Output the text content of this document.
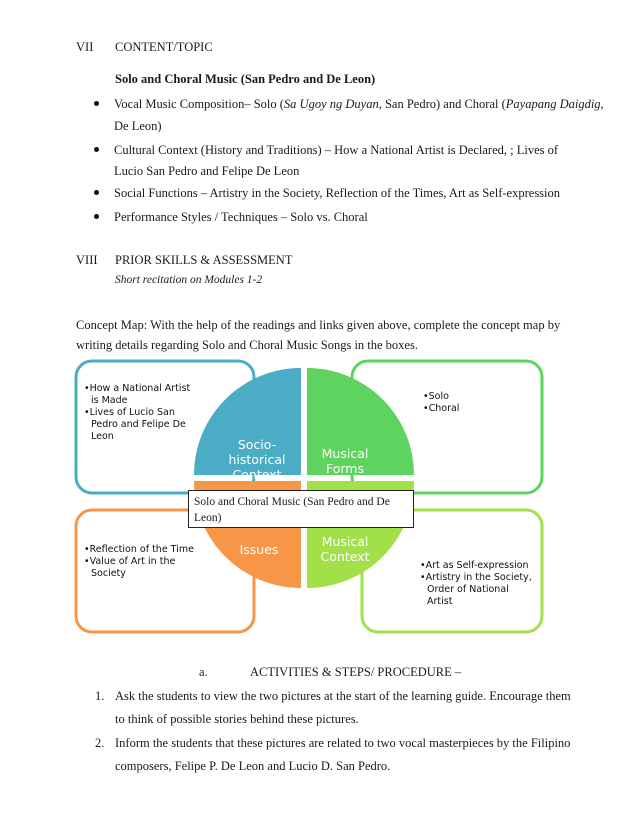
VII CONTENT/TOPIC
Solo and Choral Music (San Pedro and De Leon)
Vocal Music Composition– Solo (Sa Ugoy ng Duyan, San Pedro) and Choral (Payapang Daigdig,
De Leon)
Cultural Context (History and Traditions) – How a National Artist is Declared, ; Lives of
Lucio San Pedro and Felipe De Leon
Social Functions – Artistry in the Society, Reflection of the Times, Art as Self-expression
Performance Styles / Techniques – Solo vs. Choral
VIII PRIOR SKILLS & ASSESSMENT
Short recitation on Modules 1-2
Concept Map: With the help of the readings and links given above, complete the concept map by
writing details regarding Solo and Choral Music Songs in the boxes.
•How a National Artist
is Made
•Lives of Lucio San
Pedro and Felipe De
Leon
•Solo
•Choral
•Reflection of the Time
•Value of Art in the
Society
•Art as Self-expression
•Artistry in the Society,
Order of National
Artist
Socio-
historical
Context
Musical
Forms
Issues
Musical
Context
Solo and Choral Music (San Pedro and De
Leon)
a.	ACTIVITIES & STEPS/ PROCEDURE –
1. Ask the students to view the two pictures at the start of the learning guide. Encourage them
to think of possible stories behind these pictures.
2. Inform the students that these pictures are related to two vocal masterpieces by the Filipino
composers, Felipe P. De Leon and Lucio D. San Pedro.
